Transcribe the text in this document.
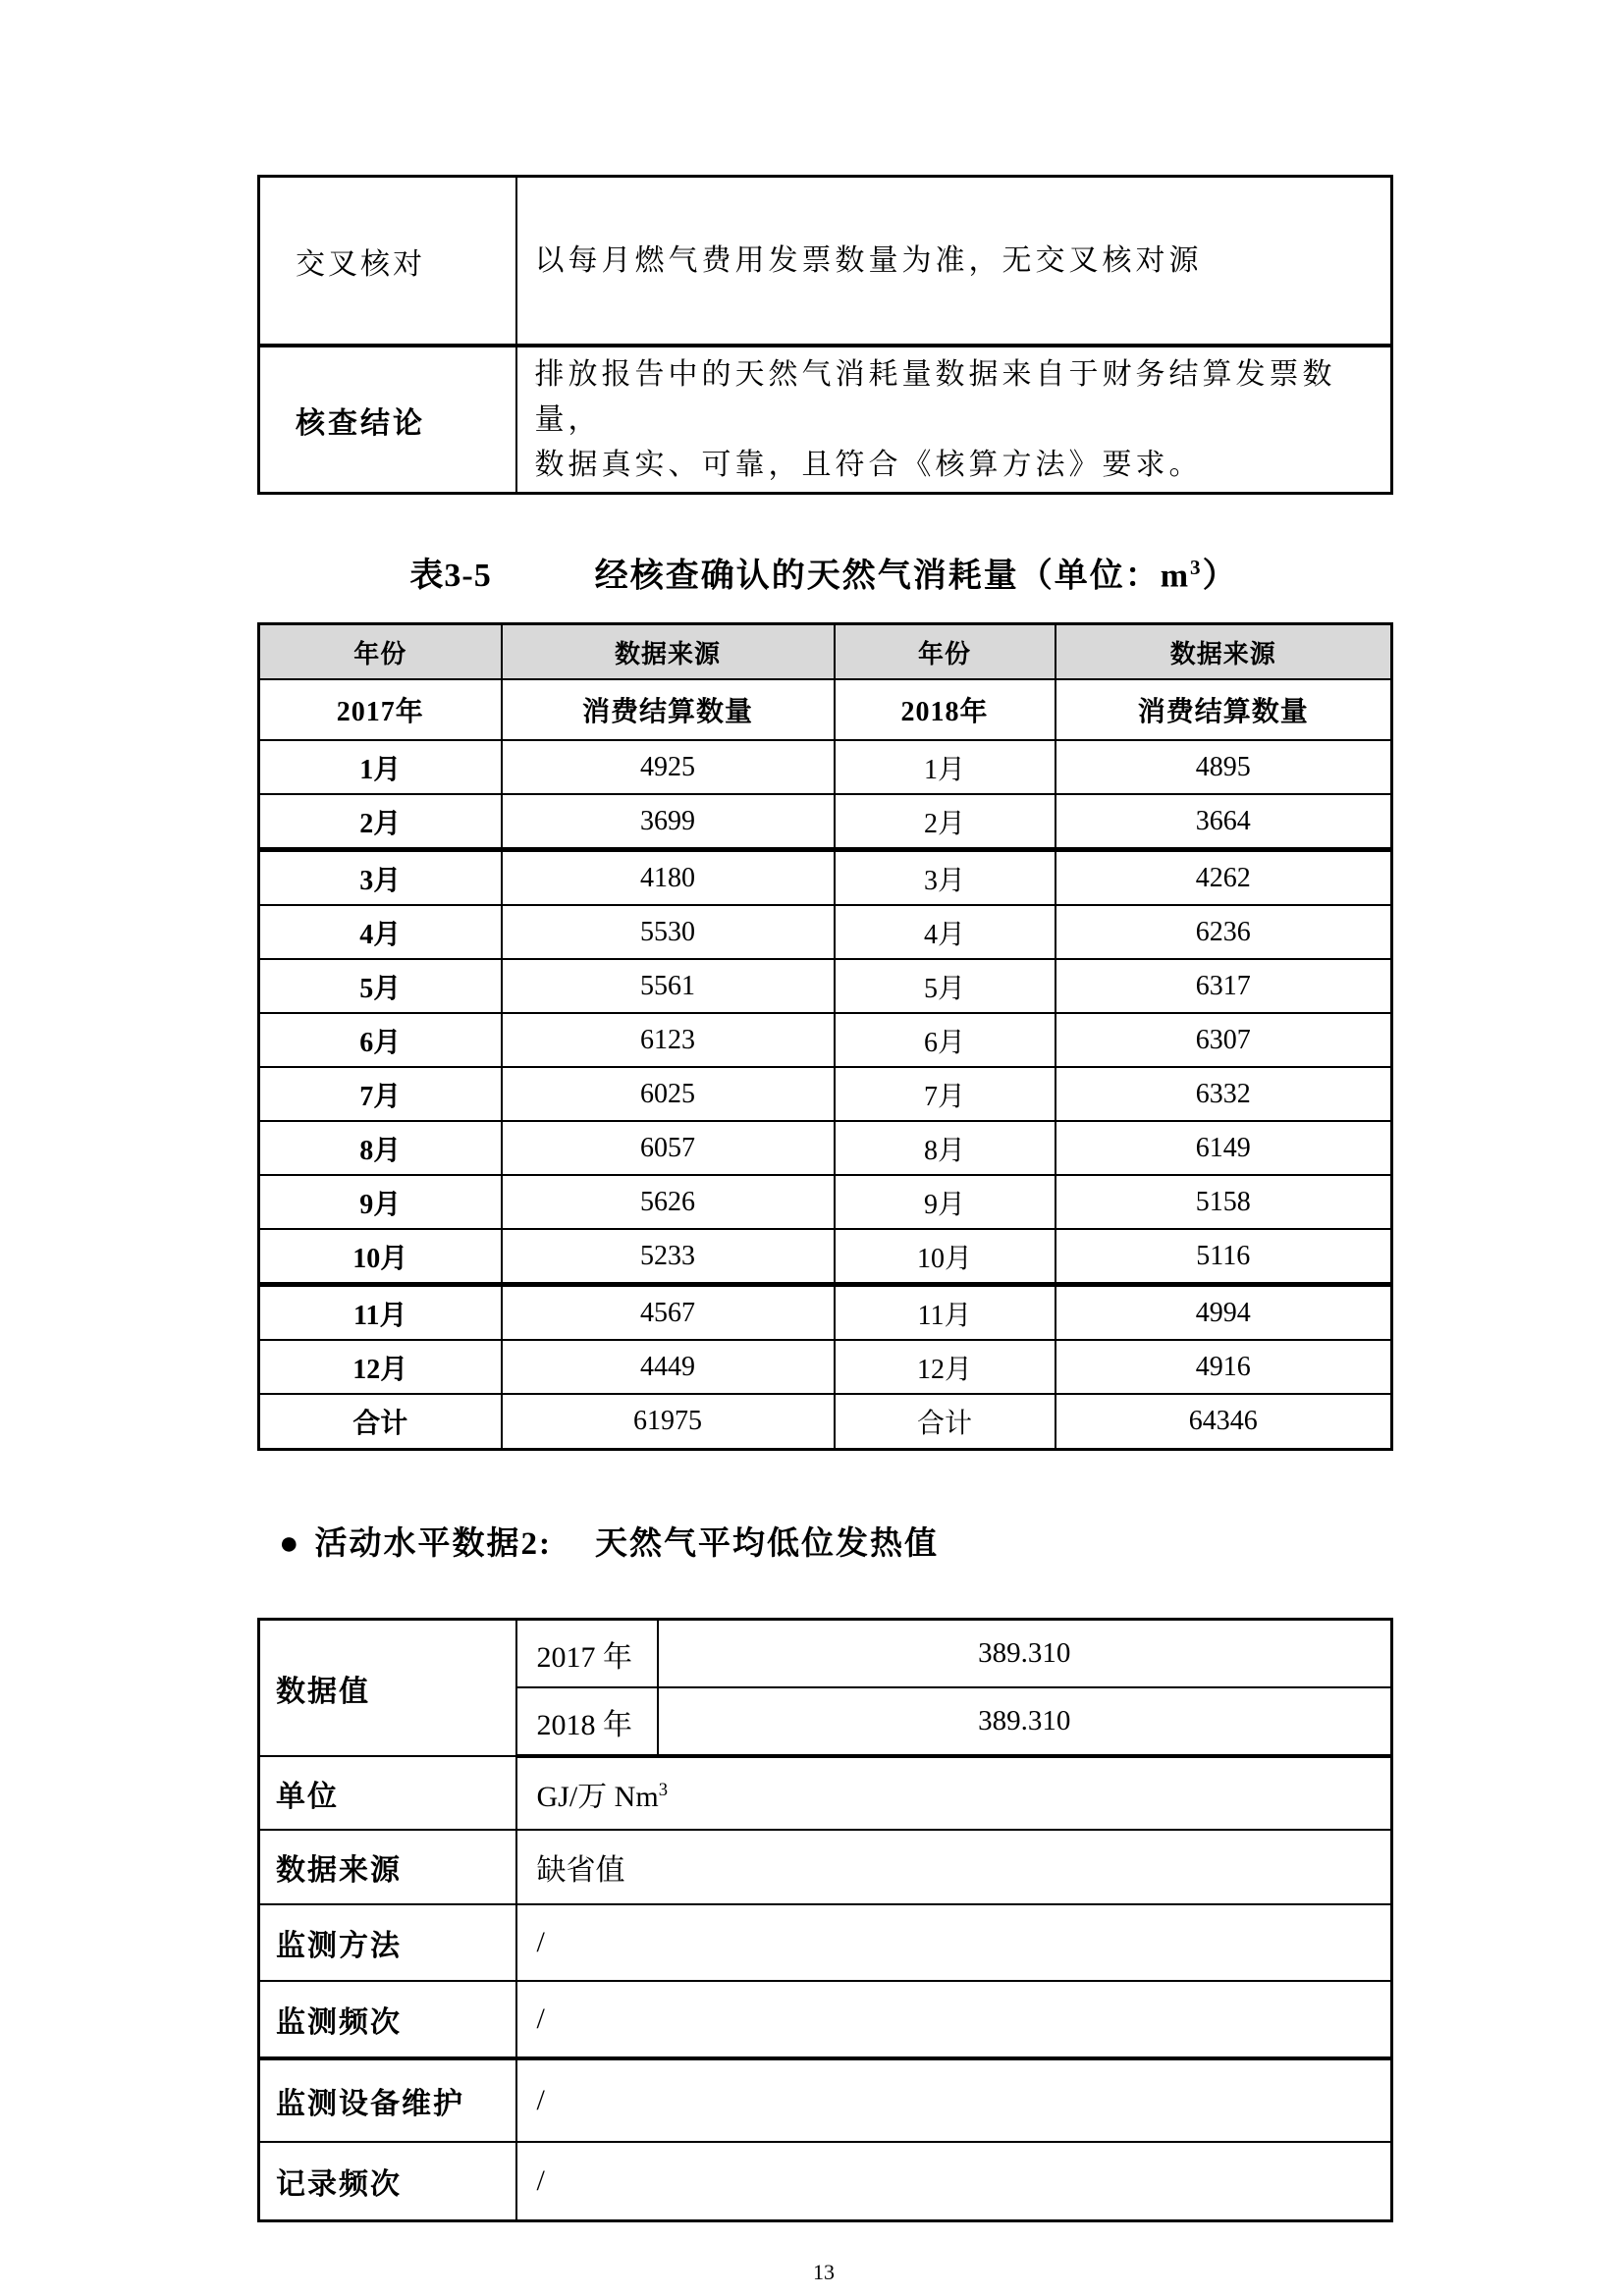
交叉核对	以每月燃气费用发票数量为准，无交叉核对源

核查结论	排放报告中的天然气消耗量数据来自于财务结算发票数量，
数据真实、可靠，且符合《核算方法》要求。
表3-5	经核查确认的天然气消耗量（单位：$m^3$）
年份	数据来源	年份	数据来源
2017年	消费结算数量	2018年	消费结算数量
1月	4925	1月	4895
2月	3699	2月	3664
3月	4180	3月	4262
4月	5530	4月	6236
5月	5561	5月	6317
6月	6123	6月	6307
7月	6025	7月	6332
8月	6057	8月	6149
9月	5626	9月	5158
10月	5233	10月	5116
11月	4567	11月	4994
12月	4449	12月	4916
合计	61975	合计	64346
● 活动水平数据2: 天然气平均低位发热值
数据值	2017 年	389.310
	2018 年	389.310
单位	GJ/万 Nm$^3$
数据来源	缺省值	
监测方法	/	
监测频次	/	
监测设备维护	/	
记录频次	/	
13
